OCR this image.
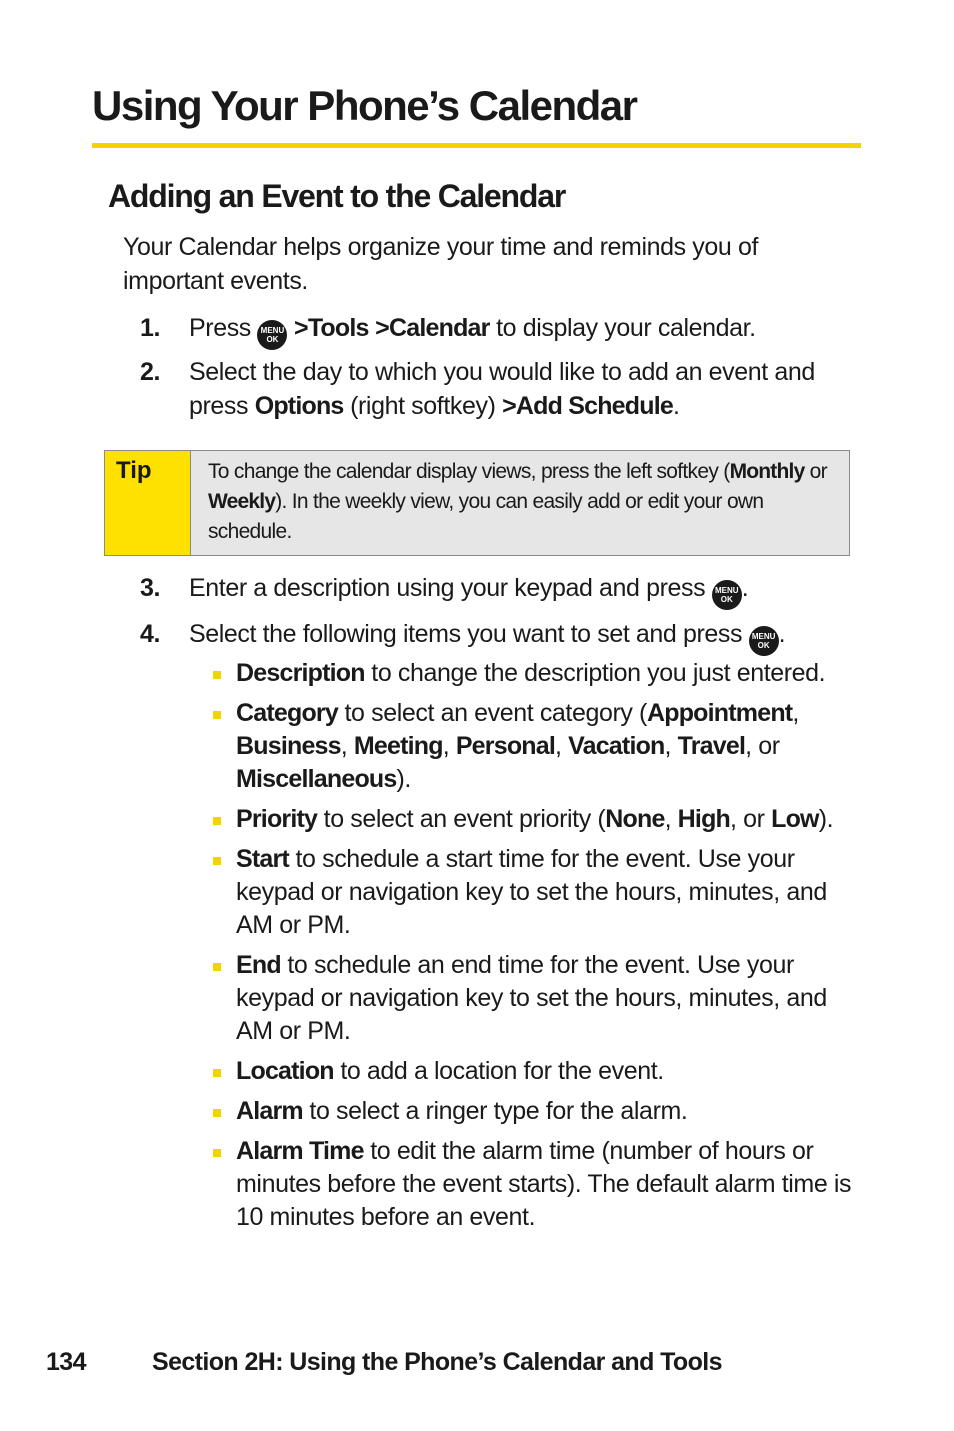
Using Your Phone’s Calendar
Adding an Event to the Calendar

Your Calendar helps organize your time and reminds you of important events.

1.	Press MENU
OK >Tools >Calendar to display your calendar.
2.	Select the day to which you would like to add an event and press Options (right softkey) >Add Schedule.
Tip	To change the calendar display views, press the left softkey (Monthly or Weekly). In the weekly view, you can easily add or edit your own schedule.
3.	Enter a description using your keypad and press MENU
OK .
4.	Select the following items you want to set and press MENU
OK .
Description to change the description you just entered.
Category to select an event category (Appointment, Business, Meeting, Personal, Vacation, Travel, or Miscellaneous).
Priority to select an event priority (None, High, or Low).
Start to schedule a start time for the event. Use your keypad or navigation key to set the hours, minutes, and AM or PM.
End to schedule an end time for the event. Use your keypad or navigation key to set the hours, minutes, and AM or PM.
Location to add a location for the event.
Alarm to select a ringer type for the alarm.
Alarm Time to edit the alarm time (number of hours or minutes before the event starts). The default alarm time is 10 minutes before an event.
134	Section 2H: Using the Phone’s Calendar and Tools
